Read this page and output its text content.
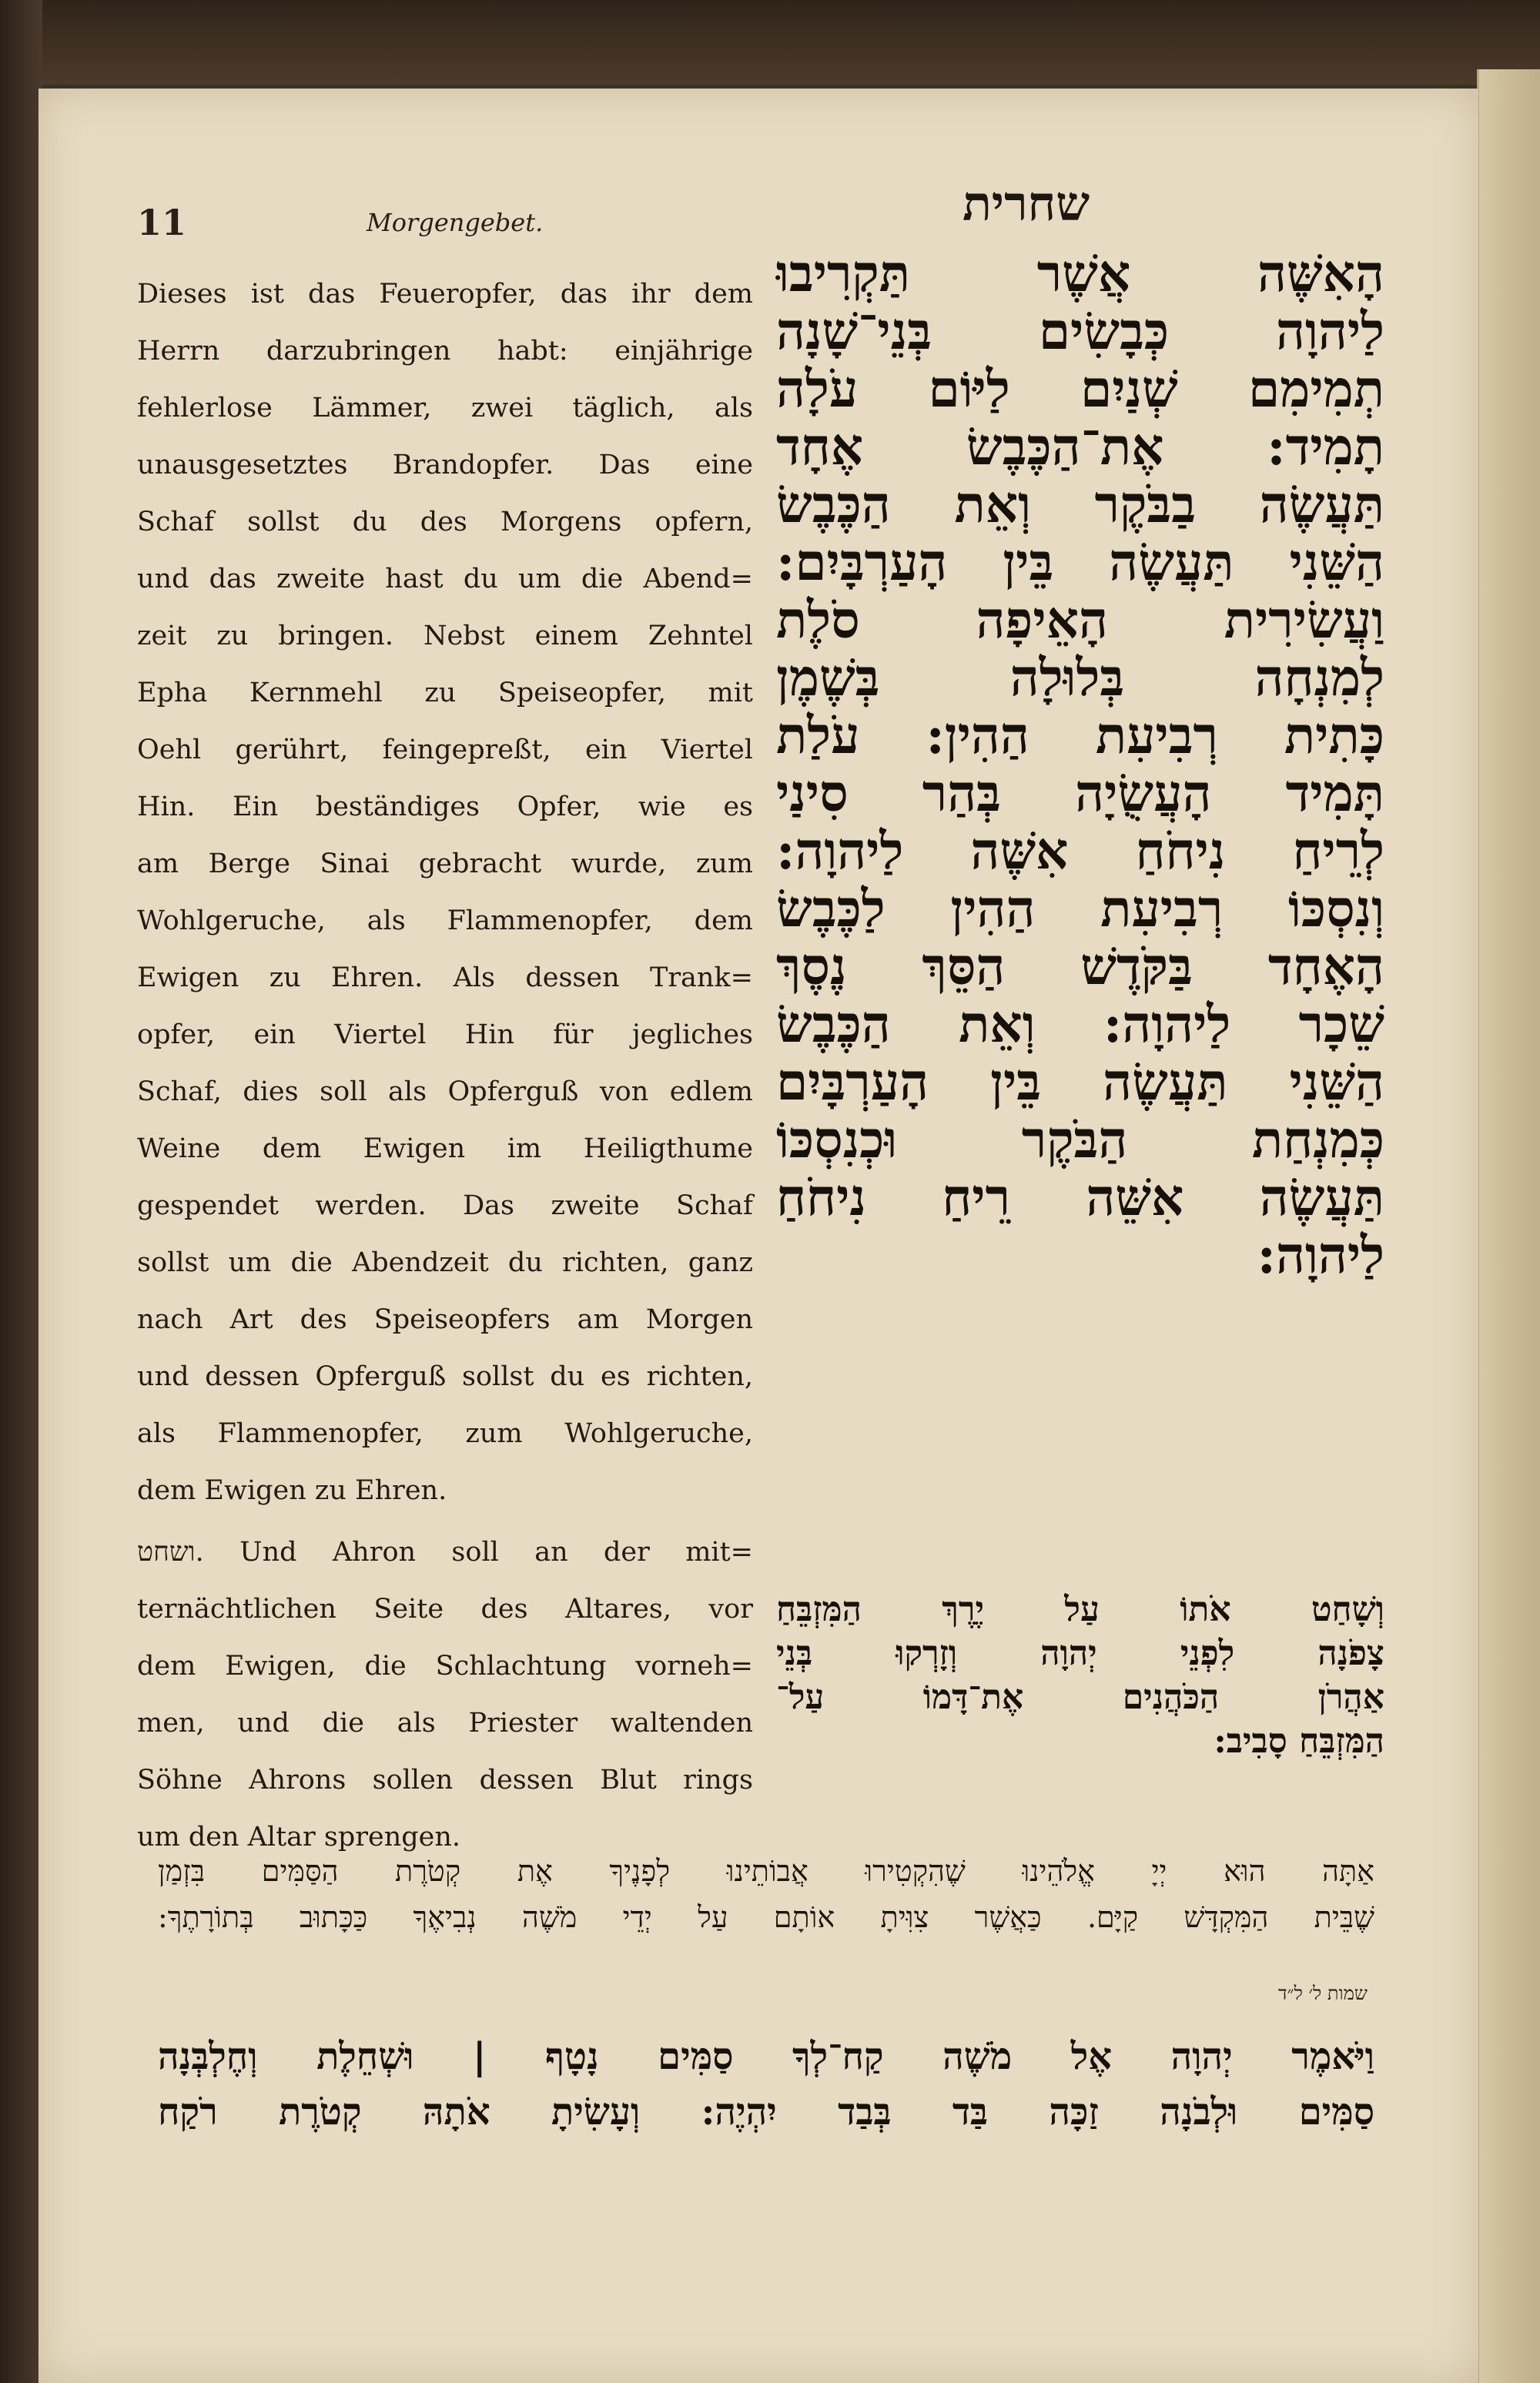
11	Morgengebet.	שחרית
Dieses ist das Feueropfer, das ihr dem
Herrn darzubringen habt: einjährige
fehlerlose Lämmer, zwei täglich, als
unausgesetztes Brandopfer. Das eine
Schaf sollst du des Morgens opfern,
und das zweite hast du um die Abend=
zeit zu bringen. Nebst einem Zehntel
Epha Kernmehl zu Speiseopfer, mit
Oehl gerührt, feingepreßt, ein Viertel
Hin. Ein beständiges Opfer, wie es
am Berge Sinai gebracht wurde, zum
Wohlgeruche, als Flammenopfer, dem
Ewigen zu Ehren. Als dessen Trank=
opfer, ein Viertel Hin für jegliches
Schaf, dies soll als Opferguß von edlem
Weine dem Ewigen im Heiligthume
gespendet werden. Das zweite Schaf
sollst um die Abendzeit du richten, ganz
nach Art des Speiseopfers am Morgen
und dessen Opferguß sollst du es richten,
als Flammenopfer, zum Wohlgeruche,
dem Ewigen zu Ehren.
ושחט. Und Ahron soll an der mit=
ternächtlichen Seite des Altares, vor
dem Ewigen, die Schlachtung vorneh=
men, und die als Priester waltenden
Söhne Ahrons sollen dessen Blut rings
um den Altar sprengen.
הָאִשֶּׁה אֲשֶׁר תַּקְרִיבוּ
לַיהוָה כְּבָשִׂים בְּנֵי־שָׁנָה
תְמִימִם שְׁנַיִם לַיּוֹם עֹלָה
תָמִיד: אֶת־הַכֶּבֶשׂ אֶחָד
תַּעֲשֶׂה בַבֹּקֶר וְאֵת הַכֶּבֶשׂ
הַשֵּׁנִי תַּעֲשֶׂה בֵּין הָעַרְבָּיִם:
וַעֲשִׂירִית הָאֵיפָה סֹלֶת
לְמִנְחָה בְּלוּלָה בְּשֶׁמֶן
כָּתִית רְבִיעִת הַהִין: עֹלַת
תָּמִיד הָעֲשֻׂיָה בְּהַר סִינַי
לְרֵיחַ נִיחֹחַ אִשֶּׁה לַיהוָה:
וְנִסְכּוֹ רְבִיעִת הַהִין לַכֶּבֶשׂ
הָאֶחָד בַּקֹּדֶשׁ הַסֵּךְ נֶסֶךְ
שֵׁכָר לַיהוָה: וְאֵת הַכֶּבֶשׂ
הַשֵּׁנִי תַּעֲשֶׂה בֵּין הָעַרְבָּיִם
כְּמִנְחַת הַבֹּקֶר וּכְנִסְכּוֹ
תַּעֲשֶׂה אִשֵּׁה רֵיחַ נִיחֹחַ
לַיהוָה:
וְשָׁחַט אֹתוֹ עַל יֶרֶךְ הַמִּזְבֵּחַ
צָפֹנָה לִפְנֵי יְהוָה וְזָרְקוּ בְּנֵי
אַהֲרֹן הַכֹּהֲנִים אֶת־דָּמוֹ עַל־
הַמִּזְבֵּחַ סָבִיב:
אַתָּה הוּא יְיָ אֱלֹהֵינוּ שֶׁהִקְטִירוּ אֲבוֹתֵינוּ לְפָנֶיךָ אֶת קְטֹרֶת הַסַּמִּים בִּזְמַן
שֶׁבֵּית הַמִּקְדָּשׁ קַיָּם. כַּאֲשֶׁר צִוִּיתָ אוֹתָם עַל יְדֵי מֹשֶׁה נְבִיאֶךָ כַּכָּתוּב בְּתוֹרָתֶךָ:
שמות ל׳ ל״ד
וַיֹּאמֶר יְהוָה אֶל מֹשֶׁה קַח־לְךָ סַמִּים נָטָף | וּשְׁחֵלֶת וְחֶלְבְּנָה
סַמִּים וּלְבֹנָה זַכָּה בַּד בְּבַד יִהְיֶה: וְעָשִׂיתָ אֹתָהּ קְטֹרֶת רֹקַח
